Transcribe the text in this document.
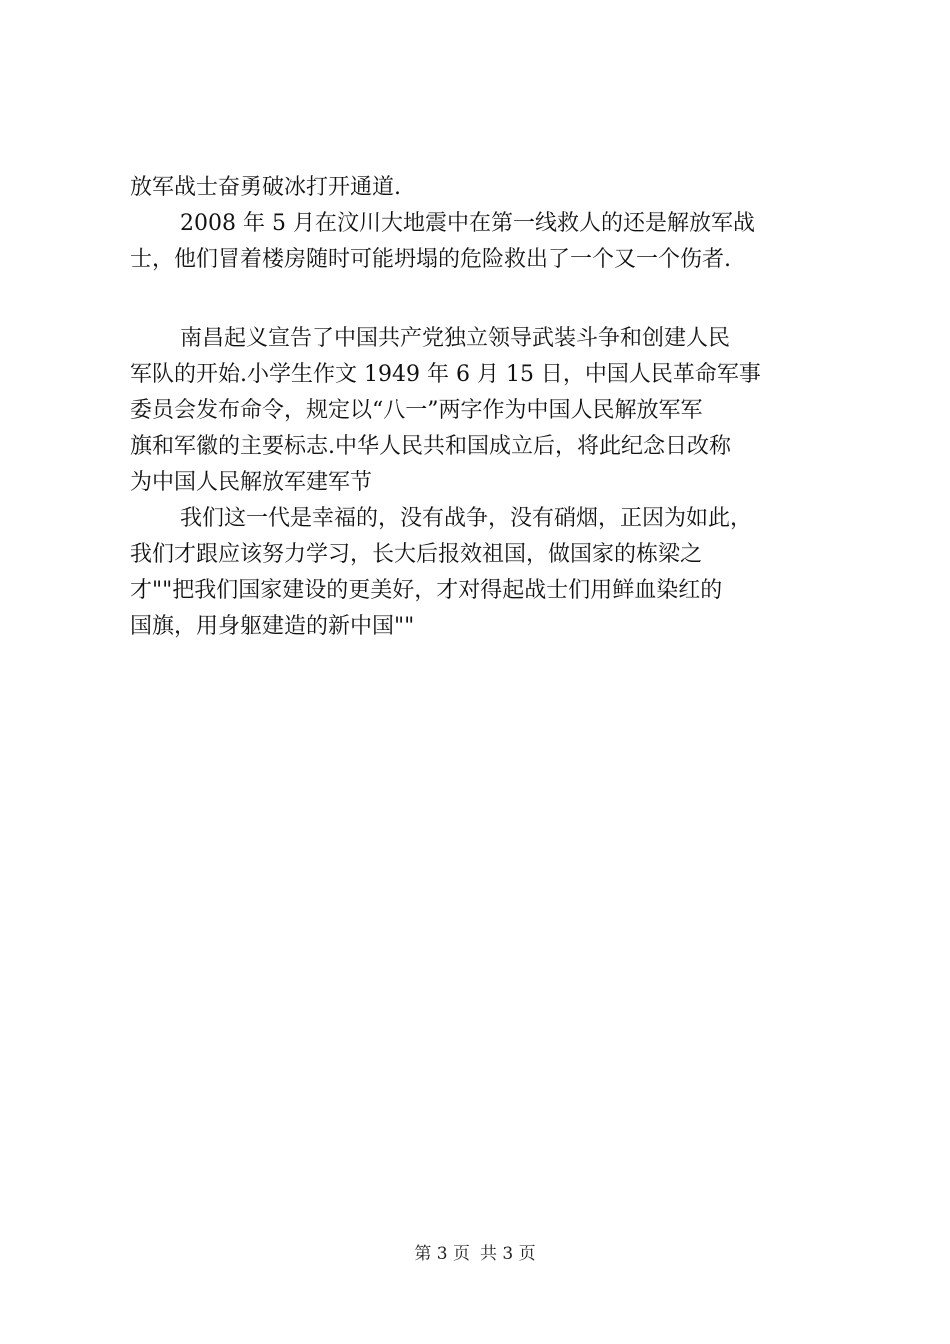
放军战士奋勇破冰打开通道.
2008 年 5 月在汶川大地震中在第一线救人的还是解放军战
士，他们冒着楼房随时可能坍塌的危险救出了一个又一个伤者.
南昌起义宣告了中国共产党独立领导武装斗争和创建人民
军队的开始.小学生作文 1949 年 6 月 15 日，中国人民革命军事
委员会发布命令，规定以“八一”两字作为中国人民解放军军
旗和军徽的主要标志.中华人民共和国成立后，将此纪念日改称
为中国人民解放军建军节
我们这一代是幸福的，没有战争，没有硝烟，正因为如此，
我们才跟应该努力学习，长大后报效祖国，做国家的栋梁之
才""把我们国家建设的更美好，才对得起战士们用鲜血染红的
国旗，用身躯建造的新中国""
第 3 页 共 3 页
